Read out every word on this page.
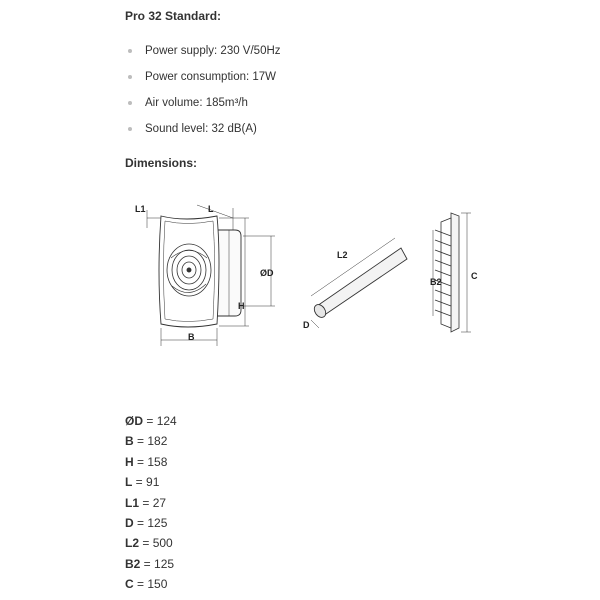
Pro 32 Standard:
Power supply: 230 V/50Hz
Power consumption: 17W
Air volume: 185m³/h
Sound level: 32 dB(A)
Dimensions:
L1	L
ØD
H
B
L2
D
B2
C
ØD = 124
B = 182
H = 158
L = 91
L1 = 27
D = 125
L2 = 500
B2 = 125
C = 150
